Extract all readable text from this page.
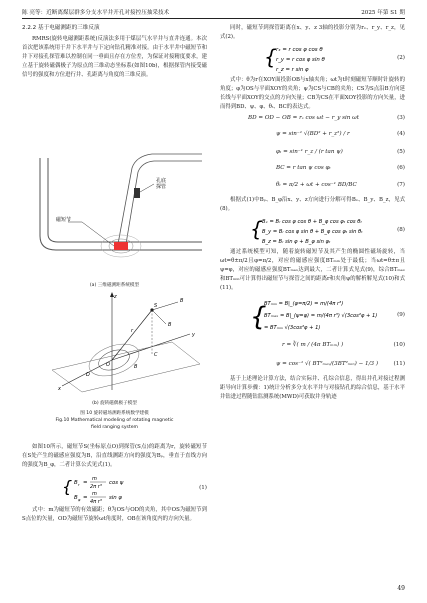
陈 亮等：近断离煤层群多分支水平井开孔对接控压抽采技术	2025 年第 S1 期
2.2.2 基于电磁测距的三维反演
RMRS(旋转电磁测距系统)反演法多用于煤层气水平井与直井连通。本次首次把该系统用于井下水平井与下定向钻孔精准对接。由于水平井中磁短节和井下对接孔探管难以控制在同一垂面且存在方位差，为保证对接精度要求，建立基于旋转磁偶极子为原点的三维动态坐标系(如图10b)，根据探管内接受磁信号的强度和方位进行井、孔距离与角度的三维反演。
孔底
探管
磁短节
(a) 三维磁测距系统模型
z
y
x
S
O
r
B
B
C
B
D
(b) 旋转磁偶极子模型
图 10 旋转磁场测距系统数学建模
Fig.10 Mathematical modeling of rotating magnetic
field ranging system
如图10所示，磁短节S(坐标原点O)到探管(S点)的距离为r，旋转磁短节在S处产生的磁感应强度为B，沿直线测距方向的强度为Bₚ，垂直于直线方向的强度为B_φ，二者计算公式见式(1)。
{ B r =
m
2π r³
cos ψ
B φ =
m
4π r³
sin ψ
(1)
式中：m为磁短节的有效磁距；θ为OS与OD的夹角，其中OS为磁短节到S点位的矢量，OD为磁短节旋转ωt角度时，OB在该角度内的方向矢量。
同时，磁短节到探管距离在x、y、z 3轴的投影分别为rₓ、r_y、r_z，见式(2)。
{ rₓ = r cos φ cos θ
r_y = r cos φ sin θ
r_z = r sin φ
(2)
式中：θ为r在XOY面投影OB与x轴夹角；ωt为t时刻磁短节顺时针旋转的角度；φ为OS与平面XOY的夹角；ψ为CS与CB的夹角；CS为S点沿B方向延长线与平面XOY的交点的方向矢量；CB为CS在平面XOY投影的方向矢量，进而得到BD、ψ、φ、θₜ、BC的表达式。
BD = OD − OB = rₓ cos ωt − r_y sin ωt	(3)
ψ = sin⁻¹ √(BD² + r_z²) / r	(4)
φₜ = sin⁻¹ r_z / (r tan ψ)	(5)
BC = r tan ψ cos φₜ	(6)
θₜ = π/2 + ωt + cos⁻¹ BD/BC	(7)
根据式(1)中Bₚ、B_φ沿x、y、z方向进行分解可得Bₓ、B_y、B_z，见式(8)。
{ Bₓ = Bᵣ cos φ cos θ + B_φ cos φₜ cos θₜ
B_y = Bᵣ cos φ sin θ + B_φ cos φₜ sin θₜ
B_z = Bᵣ sin φ + B_φ sin φₜ
(8)
通过系统模型可知，随着旋转磁短节及其产生的椭圆性磁场旋转，当ωt=θ±π/2且φ=π/2，对应的磁感应强度BTₘᵢₙ处于最低；当ωt=θ±π且ψ=φ，对应的磁感应强度BTₘₐₓ达到最大，二者计算式见式(9)，综合BTₘₐₓ和BTₘᵢₙ可计算得出磁短节与探管之间的距离r和夹角ψ的解析解见式(10)和式(11)。
{
BTₘᵢₙ = B|_(φ=π/2) = m/(4π r³)
BTₘₐₓ = B|_(ψ=φ) = m/(4π r³) √(3cos²φ + 1)
= BTₘᵢₙ √(3cos²φ + 1)
(9)
r = ∛( m / (4π BTₘᵢₙ) )	(10)
ψ = cos⁻¹ √( BT²ₘₐₓ/(3BT²ₘᵢₙ) − 1/3 )	(11)
基于上述理论计算方法，结合实际井、孔综合信息，得出井孔对接过程测距导向计算步骤：1)统计分析多分支水平井与对接钻孔的综合信息，基于水平井钻进过程随钻监测系统(MWD)可获取井身轨迹
49
